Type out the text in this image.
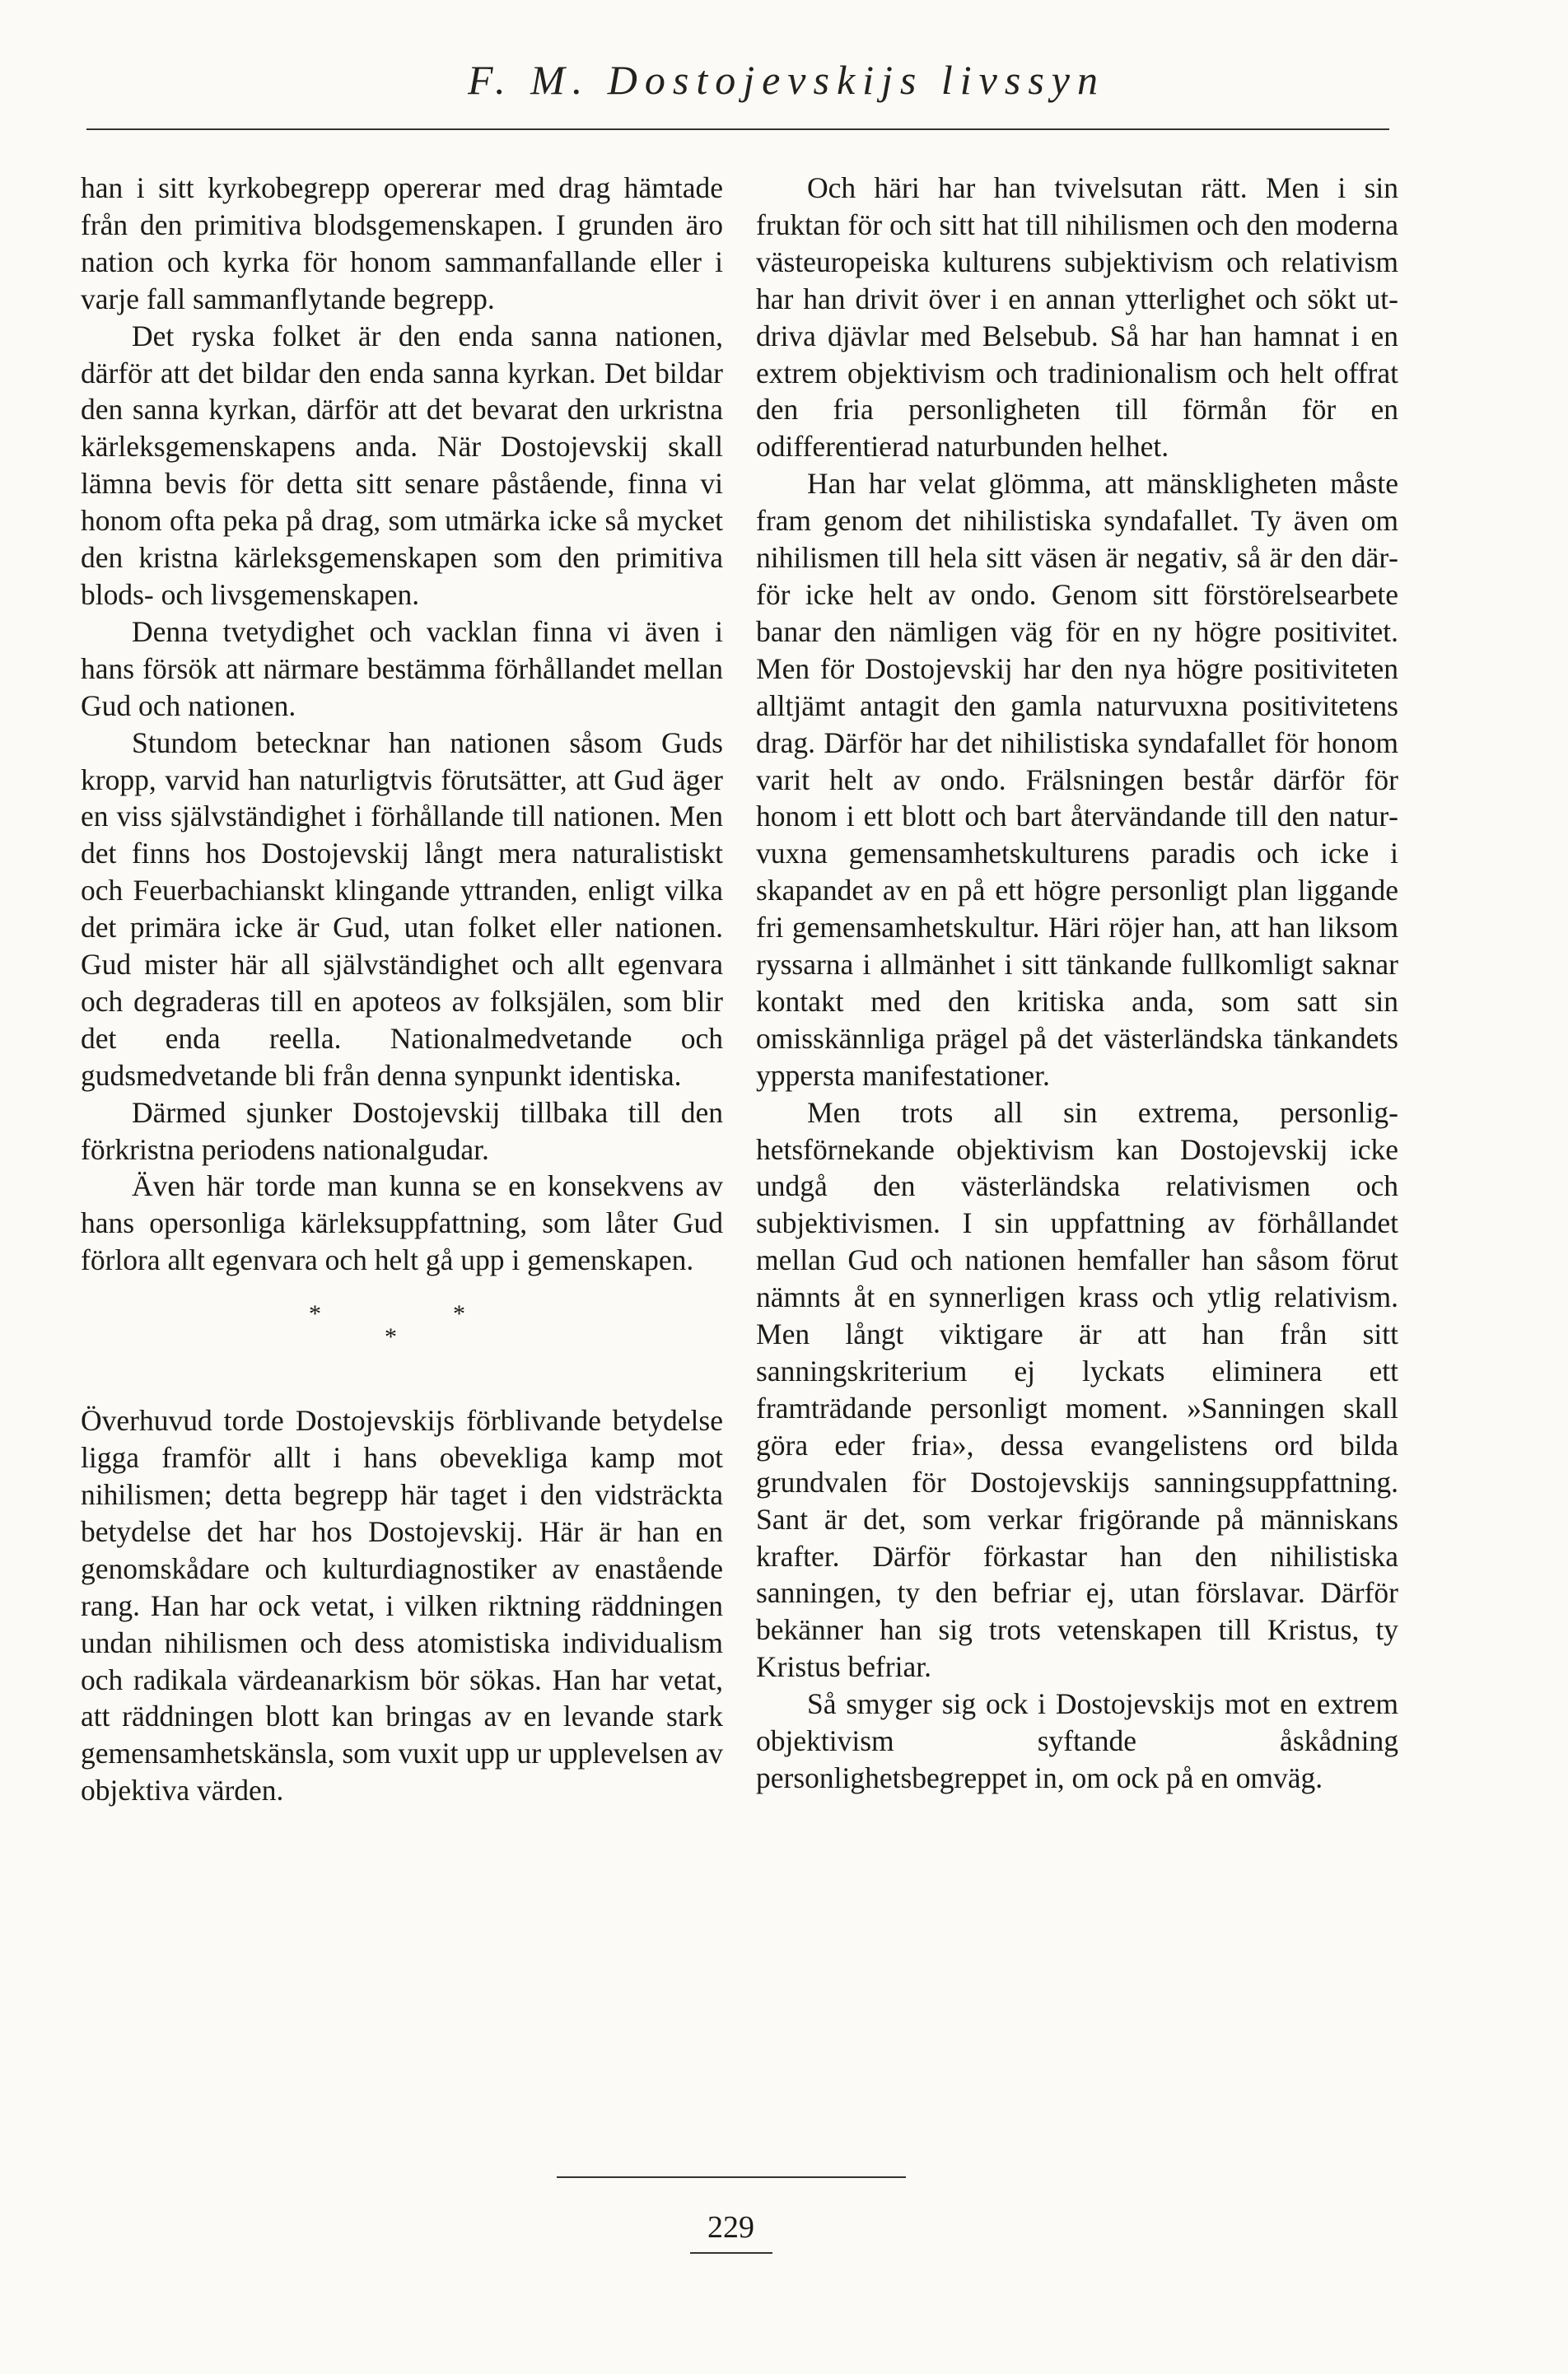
F. M. Dostojevskijs livssyn

han i sitt kyrkobegrepp opererar med drag hämtade från den primitiva blodsgemenskapen. I grunden äro nation och kyrka för honom sammanfallande eller i varje fall sammanflytande begrepp.

Det ryska folket är den enda sanna nationen, därför att det bildar den enda sanna kyrkan. Det bildar den sanna kyrkan, därför att det bevarat den urkristna kärleksgemenskapens anda. När Dostojevskij skall lämna bevis för detta sitt senare påstående, finna vi honom ofta peka på drag, som utmärka icke så mycket den kristna kärleksgemenskapen som den primitiva blods- och livsgemenskapen.

Denna tvetydighet och vacklan finna vi även i hans försök att närmare bestämma förhållandet mellan Gud och nationen.

Stundom betecknar han nationen såsom Guds kropp, varvid han naturligtvis förutsätter, att Gud äger en viss självständighet i förhållande till nationen. Men det finns hos Dostojevskij långt mera naturalistiskt och Feuerbachianskt klingande yttranden, enligt vilka det primära icke är Gud, utan folket eller nationen. Gud mister här all självständighet och allt egenvara och degraderas till en apoteos av folksjälen, som blir det enda reella. Nationalmedvetande och gudsmedvetande bli från denna synpunkt identiska.

Därmed sjunker Dostojevskij tillbaka till den förkristna periodens nationalgudar.

Även här torde man kunna se en konsekvens av hans opersonliga kärleksuppfattning, som låter Gud förlora allt egenvara och helt gå upp i gemenskapen.

*
*
*

Överhuvud torde Dostojevskijs förblivande betydelse ligga framför allt i hans obevekliga kamp mot nihilismen; detta begrepp här taget i den vidsträckta betydelse det har hos Dostojevskij. Här är han en genomskådare och kulturdiagnostiker av enastående rang. Han har ock vetat, i vilken riktning räddningen undan nihilismen och dess atomistiska individualism och radikala värdeanarkism bör sökas. Han har vetat, att räddningen blott kan bringas av en levande stark gemensamhetskänsla, som vuxit upp ur upplevelsen av objektiva värden.

Och häri har han tvivelsutan rätt. Men i sin fruktan för och sitt hat till nihilismen och den moderna västeuropeiska kulturens subjektivism och relativism har han drivit över i en annan ytterlighet och sökt utdriva djävlar med Belsebub. Så har han hamnat i en extrem objektivism och tradinionalism och helt offrat den fria personligheten till förmån för en odifferentierad naturbunden helhet.

Han har velat glömma, att mänskligheten måste fram genom det nihilistiska syndafallet. Ty även om nihilismen till hela sitt väsen är negativ, så är den därför icke helt av ondo. Genom sitt förstörelsearbete banar den nämligen väg för en ny högre positivitet. Men för Dostojevskij har den nya högre positiviteten alltjämt antagit den gamla naturvuxna positivitetens drag. Därför har det nihilistiska syndafallet för honom varit helt av ondo. Frälsningen består därför för honom i ett blott och bart återvändande till den naturvuxna gemensamhetskulturens paradis och icke i skapandet av en på ett högre personligt plan liggande fri gemensamhetskultur. Häri röjer han, att han liksom ryssarna i allmänhet i sitt tänkande fullkomligt saknar kontakt med den kritiska anda, som satt sin omisskännliga prägel på det västerländska tänkandets yppersta manifestationer.

Men trots all sin extrema, personlighetsförnekande objektivism kan Dostojevskij icke undgå den västerländska relativismen och subjektivismen. I sin uppfattning av förhållandet mellan Gud och nationen hemfaller han såsom förut nämnts åt en synnerligen krass och ytlig relativism. Men långt viktigare är att han från sitt sanningskriterium ej lyckats eliminera ett framträdande personligt moment. »Sanningen skall göra eder fria», dessa evangelistens ord bilda grundvalen för Dostojevskijs sanningsuppfattning. Sant är det, som verkar frigörande på människans krafter. Därför förkastar han den nihilistiska sanningen, ty den befriar ej, utan förslavar. Därför bekänner han sig trots vetenskapen till Kristus, ty Kristus befriar.

Så smyger sig ock i Dostojevskijs mot en extrem objektivism syftande åskådning personlighetsbegreppet in, om ock på en omväg.

229
